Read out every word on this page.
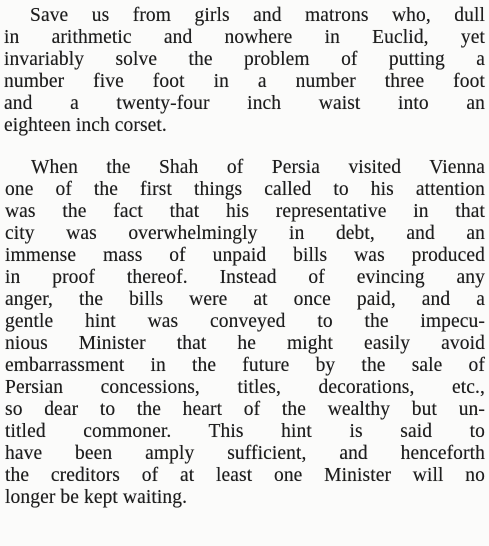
Save us from girls and matrons who, dull
in arithmetic and nowhere in Euclid, yet
invariably solve the problem of putting a
number five foot in a number three foot
and a twenty-four inch waist into an
eighteen inch corset.
When the Shah of Persia visited Vienna
one of the first things called to his attention
was the fact that his representative in that
city was overwhelmingly in debt, and an
immense mass of unpaid bills was produced
in proof thereof. Instead of evincing any
anger, the bills were at once paid, and a
gentle hint was conveyed to the impecu-
nious Minister that he might easily avoid
embarrassment in the future by the sale of
Persian concessions, titles, decorations, etc.,
so dear to the heart of the wealthy but un-
titled commoner. This hint is said to
have been amply sufficient, and henceforth
the creditors of at least one Minister will no
longer be kept waiting.
